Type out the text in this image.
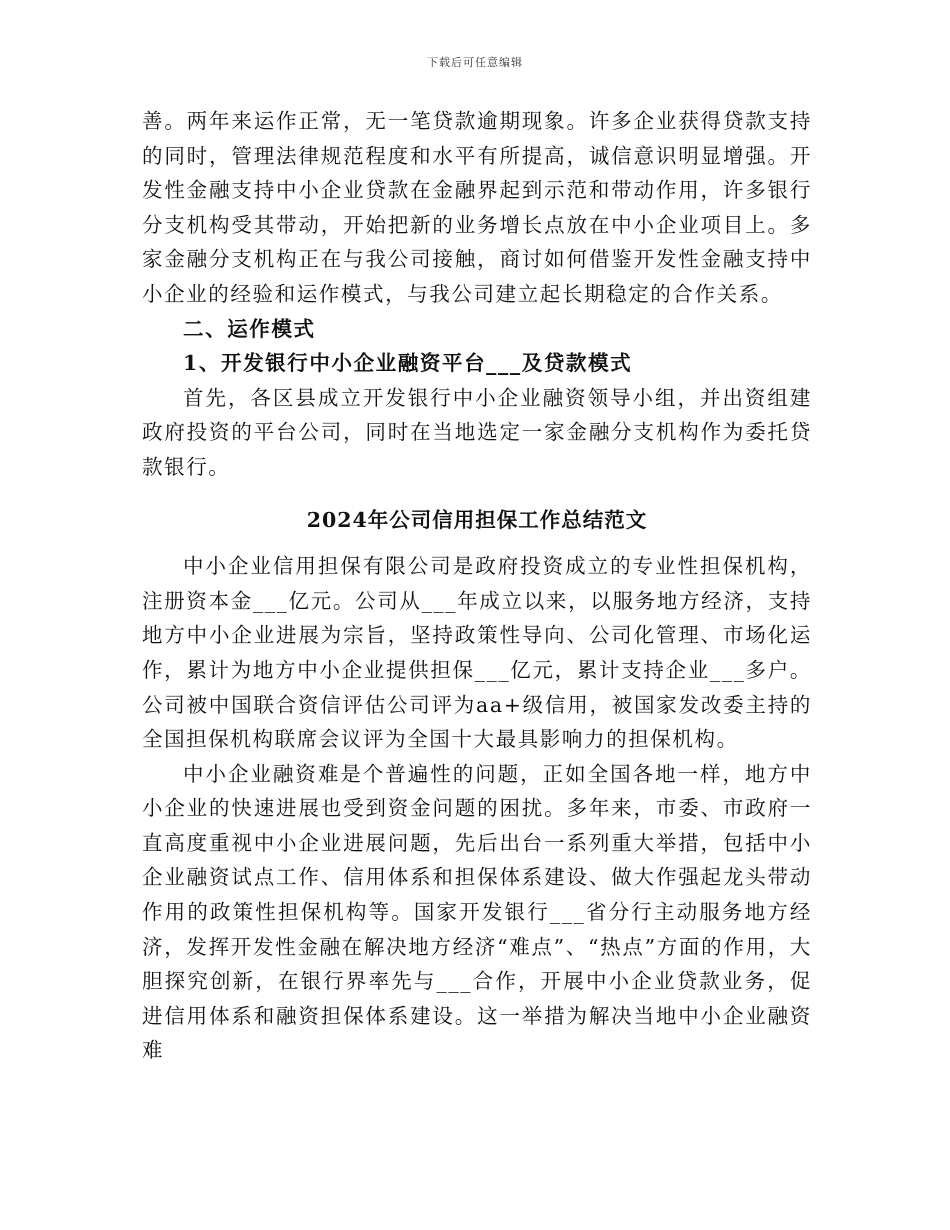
下载后可任意编辑

善。两年来运作正常，无一笔贷款逾期现象。许多企业获得贷款支持的同时，管理法律规范程度和水平有所提高，诚信意识明显增强。开发性金融支持中小企业贷款在金融界起到示范和带动作用，许多银行分支机构受其带动，开始把新的业务增长点放在中小企业项目上。多家金融分支机构正在与我公司接触，商讨如何借鉴开发性金融支持中小企业的经验和运作模式，与我公司建立起长期稳定的合作关系。

二、运作模式
1、开发银行中小企业融资平台___及贷款模式

首先，各区县成立开发银行中小企业融资领导小组，并出资组建政府投资的平台公司，同时在当地选定一家金融分支机构作为委托贷款银行。

2024年公司信用担保工作总结范文

中小企业信用担保有限公司是政府投资成立的专业性担保机构，注册资本金___亿元。公司从___年成立以来，以服务地方经济，支持地方中小企业进展为宗旨，坚持政策性导向、公司化管理、市场化运作，累计为地方中小企业提供担保___亿元，累计支持企业___多户。公司被中国联合资信评估公司评为aa+级信用，被国家发改委主持的全国担保机构联席会议评为全国十大最具影响力的担保机构。

中小企业融资难是个普遍性的问题，正如全国各地一样，地方中小企业的快速进展也受到资金问题的困扰。多年来，市委、市政府一直高度重视中小企业进展问题，先后出台一系列重大举措，包括中小企业融资试点工作、信用体系和担保体系建设、做大作强起龙头带动作用的政策性担保机构等。国家开发银行___省分行主动服务地方经济，发挥开发性金融在解决地方经济“难点”、“热点”方面的作用，大胆探究创新，在银行界率先与___合作，开展中小企业贷款业务，促进信用体系和融资担保体系建设。这一举措为解决当地中小企业融资难
